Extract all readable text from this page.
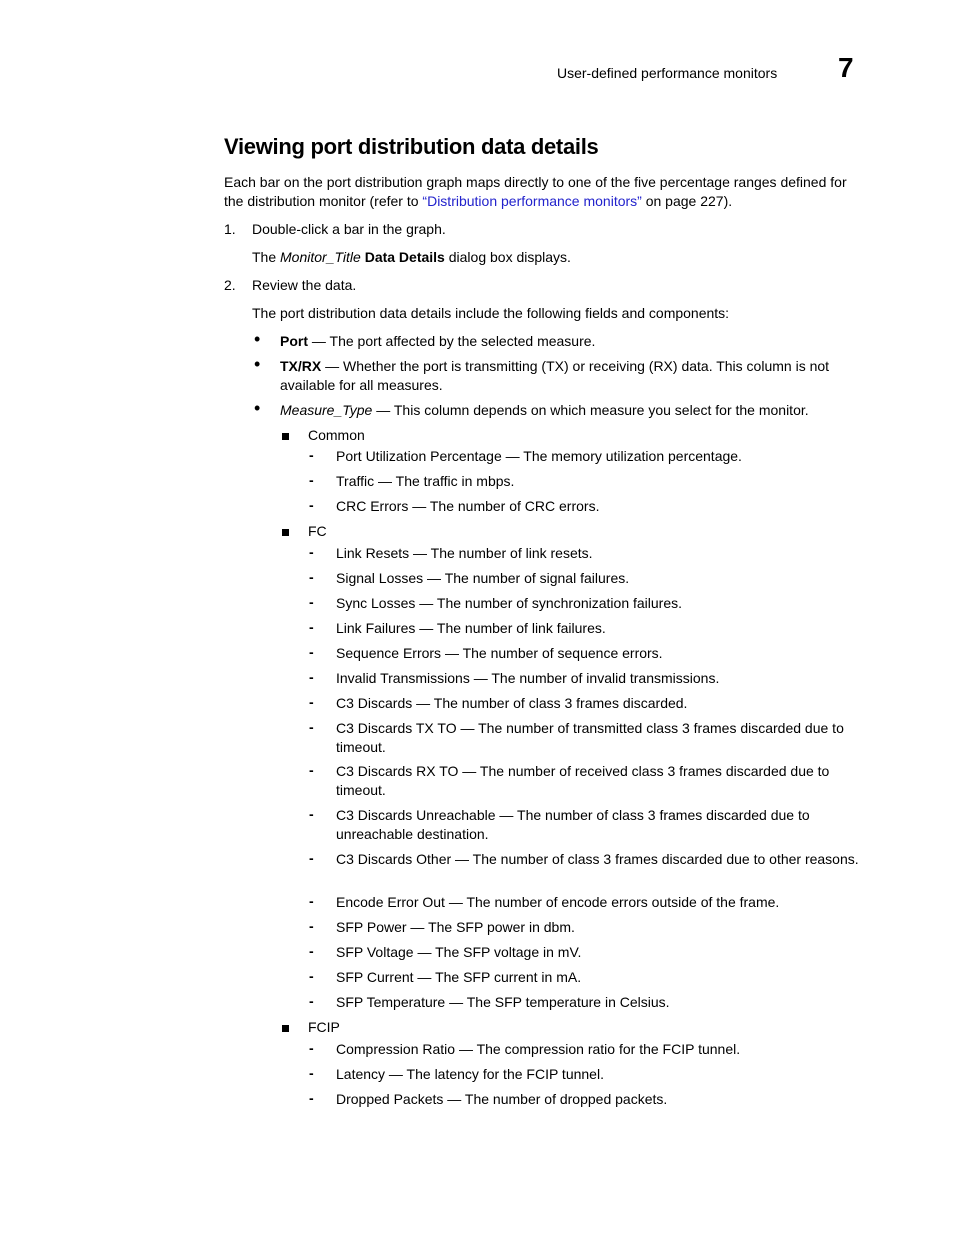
User-defined performance monitors 7
Viewing port distribution data details

Each bar on the port distribution graph maps directly to one of the five percentage ranges defined for the distribution monitor (refer to “Distribution performance monitors” on page 227).

1. Double-click a bar in the graph.
The Monitor_Title Data Details dialog box displays.
2. Review the data.
The port distribution data details include the following fields and components:
• Port — The port affected by the selected measure.
• TX/RX — Whether the port is transmitting (TX) or receiving (RX) data. This column is not available for all measures.
• Measure_Type — This column depends on which measure you select for the monitor.
Common
- Port Utilization Percentage — The memory utilization percentage.
- Traffic — The traffic in mbps.
- CRC Errors — The number of CRC errors.
FC
- Link Resets — The number of link resets.
- Signal Losses — The number of signal failures.
- Sync Losses — The number of synchronization failures.
- Link Failures — The number of link failures.
- Sequence Errors — The number of sequence errors.
- Invalid Transmissions — The number of invalid transmissions.
- C3 Discards — The number of class 3 frames discarded.
- C3 Discards TX TO — The number of transmitted class 3 frames discarded due to timeout.
- C3 Discards RX TO — The number of received class 3 frames discarded due to timeout.
- C3 Discards Unreachable — The number of class 3 frames discarded due to unreachable destination.
- C3 Discards Other — The number of class 3 frames discarded due to other reasons.
- Encode Error Out — The number of encode errors outside of the frame.
- SFP Power — The SFP power in dbm.
- SFP Voltage — The SFP voltage in mV.
- SFP Current — The SFP current in mA.
- SFP Temperature — The SFP temperature in Celsius.
FCIP
- Compression Ratio — The compression ratio for the FCIP tunnel.
- Latency — The latency for the FCIP tunnel.
- Dropped Packets — The number of dropped packets.
